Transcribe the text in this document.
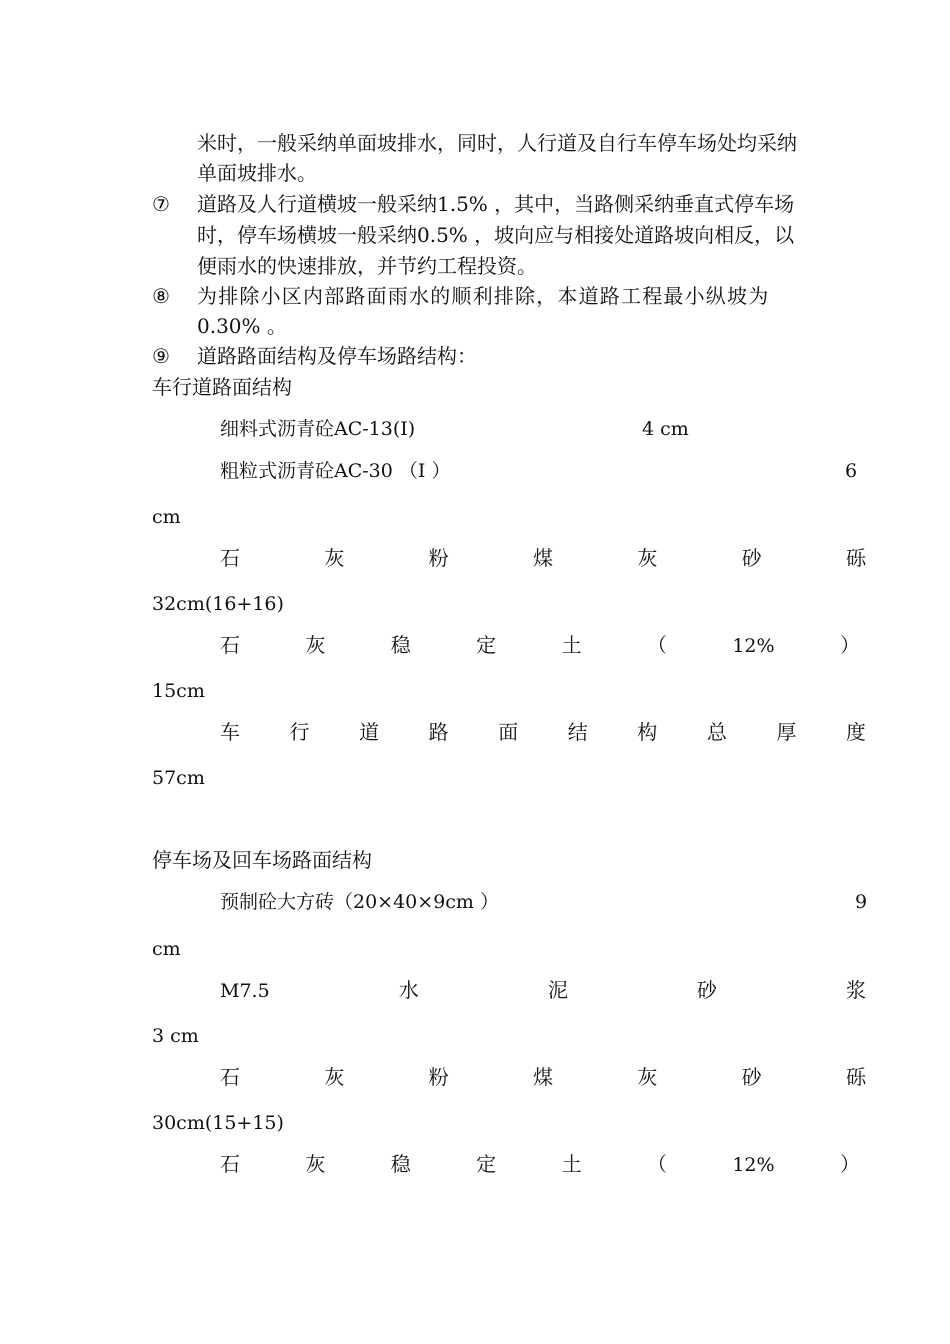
米时，一般采纳单面坡排水，同时，人行道及自行车停车场处均采纳
单面坡排水。
⑦ 道路及人行道横坡一般采纳1.5% ，其中，当路侧采纳垂直式停车场
时，停车场横坡一般采纳0.5% ，坡向应与相接处道路坡向相反，以
便雨水的快速排放，并节约工程投资。
⑧ 为排除小区内部路面雨水的顺利排除，本道路工程最小纵坡为
0.30% 。
⑨ 道路路面结构及停车场路结构：
车行道路面结构
细料式沥青砼AC-13(I)	4 cm
粗粒式沥青砼AC-30 （I ）	6
cm
石	灰	粉	煤	灰	砂	砾
32cm(16+16)
石	灰	稳	定	土	（	12%	）
15cm
车 行 道 路 面 结 构 总 厚 度
57cm
停车场及回车场路面结构
预制砼大方砖（20×40×9cm ）	9
cm
M7.5	水	泥	砂	浆
3 cm
石	灰	粉	煤	灰	砂	砾
30cm(15+15)
石	灰	稳	定	土	（	12%	）
